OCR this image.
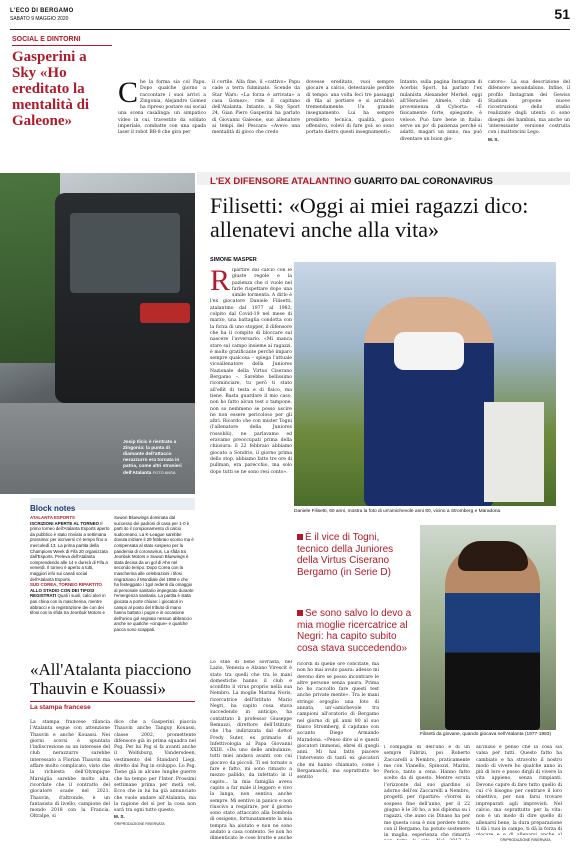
L'ECO DI BERGAMO
SABATO 9 MAGGIO 2020	51
SOCIAL E DINTORNI
Gasperini a Sky «Ho ereditato la mentalità di Galeone»
C he la forma sia col Papu. Dopo qualche giorno a raccontare i suoi arrivi a Zingonia, Alejandro Gomez ha ripreso postare sui social una scena casalinga: un simpatico video in cui, travestito da soldato imperiale, combatte con una spada laser il robot BB-8 che gira per
il cortile. Alla fine, il «cattivo» Papu cade a terra fulminato. Scende da Star Wars: «La forza è arrivata» a casa Gomez», ride il capitano dell'Atalanta. Intanto, a Sky Sport 24, Gian Piero Gasperini ha parlato di Giovanni Galeone, suo allenatore ai tempi del Pescara: «Avevo una mentalità di gioco che credo
dovesse ereditato, vuoi sempre giocare a calcio, detestavale perdite di tempo: una volta feci tre passaggi di fila al portiere e si arrabbiò tremendamente. Un grande insegnamento. Lui ha sempre prediletto tecnica, qualità, gioco offensivo, volevi di fare gol: so sono portato dietro questi insegnamenti».
Intanto, sulla pagina Instagram di Acerbis Sport, ha parlato l'ex milanista Alexander Merkel, oggi all'Heracles Almelo, club di provenienza di Cyborta: «È fisicamente forte, spiegante, è veloce. Può fare bene in Italia: serve un po' di pazienza perché si adatti, magari un anno, ma può diventare un buon gio-
catore». La sua descrizione del difensore neoandaluno. Infine, il profilo Instagram del Gewiss Stadium propone nuove ricostruzioni dello stadio realizzate dagli utenti: ci sono disegni dei bambini, ma anche un 'interessante' versione costruita con i mattoncini Lego.
M. S.
Josip Ilicic è rientrato a Zingonia: la punta di diamante dell'attacco nerazzurro era tornata in patria, come altri stranieri dell'Atalanta FOTO ANSA
Block notes
ATALANTA ESPORTS
ISCRIZIONI APERTE AL TORNEO Il primo torneo dell'Atalanta Esports aperto da pubblico è stato rinviato a settimana prossima: per iscriversi c'è tempo fino a mercoledì 13. La prima partita della Champions Week di Fifa 20 organizzata dall'Esports. Preleva dell'Atalanta comprendendo alle 14 e durerà di Fifa a venerdì. Il torneo è aperto a tutti, maggiori info sui canali social dell'Atalanta Esports.
SUD COREA, TORNEO RIPARTITO
ALLO STADIO CON DEI TIFOSI REGISTRATI Quali i suoli, calci alori in pan china con la mascherina, mentre abbracci e la registrazione dei con dei tifosi con la sfida tra Jeonbuk Motors e
Suwon Bluewings dominata dal successo dei padroni di casa per 1-0 è parti ito il compionamento di calcio sudcoreano. La K-League sarebbe dovuta iniziare il 29 febbraio scorso ma è compensata al stato sospeso per la pandemia di coronavirus. La sfida tra Jeonbuk Motors e Suwon Bluewings è stata decisa da un gol di Ahn nel secondo tempo. Dopo Corea con la mascherina alle celebrazioni i tifosi ringraziano il Mondiale del 1998 e che ha festeggiato i 1gol redenti da omaggio al personale sanitario impegnato durante l'emergenza sanitaria. La partita è stata giocata a porte chiuse: i giocatori in campo al posto del tributo di mano hanno battuto i pugni e in occasione dell'unico gol segnato nessun abbraccio anche se qualche «cinque» e qualche pacca sono scappati.
«All'Atalanta piacciono Thauvin e Kouassi»
La stampa francese
La stampa francese rilancia l'Atalanta segue con attenzione Thauvin e anche Kouassi. Nei giorni scorsi è spuntata l'indiscrezione su un interesse del club nerazzurro sarebbe interessato a Florian Thauvin ma affare molto complicato, visto che la richiesta dell'Olympique Marsiglia sarebbe molto alta, ricordate che il contratto del giocatore scade nel 2021. Thauvin, d'altronde, è un fantasista di livello, campione del mondo 2018 con la Francia. Oltralpe, si
dice che a Gasperini piaccia Thauvin anche Tanguy Kouassi, classe 2002, promettente difensore già in prima squadra nel Psg. Per lui Psg si fa avanti anche il Wolfsburg, Vandersdeen, vestimento del Standard Liegi, diretto dal Psg in sviluppo. Lo Psg. Tiene già in alcune lunghe guerre che ha tempo per l'Inter. Prossimi settimane prima per metà vel. Ecco che in lui ha già annunciato che vuole andare all'Atalanta, ma la ragione del sì per la cosa non sarà tra ogni tutto questo.
M. S.
©RIPRODUZIONE RISERVATA
L'EX DIFENSORE ATALANTINO GUARITO DAL CORONAVIRUS
Filisetti: «Oggi ai miei ragazzi dico: allenatevi anche alla vita»
SIMONE MASPER
R ipartire dal calcio con le giuste regole e la pazienza che ci vuole nel farle rispettare dopo una simile tormenta. A dirlo è l'ex giocatore Daniele Filisetti, atalantino dal 1977 al 1983, colpito dal Covid-19 nel mese di marzo, una battaglia condotta con la forza di uno stopper, il difensore che ha il compito di bloccare sul nascere l'avversario. «Mi manca stare sul campo insieme ai ragazzi, è molto gratificante perché imparo sempre qualcosa – spiega l'attuale vicoallenatore della Juniores Nazionale della Virtus Ciserano Bergamo –. Sarebbe bellissimo ricominciare, tu però ti stato all'ellit di testa e di fisico, ma tiene. Basta guardare il mio caso, non ho fatto alcun test o tampone, non so nemmeno se posso uscire ne non essere pericoloso per gli altri. Ricordo che con mister Togni (l'allenatore della Juniores rossoblù), ne parlavamo ed eravamo preoccupati prima della chiusura: il 22 febbraio abbiamo giocato a Sondrio, il giorno prima dello stop, abbiamo fatto tre ore di pullman, era parecchio, ma solo dopo tutti se ne sono resi conto».
Daniele Filisetti, 60 anni, mostra la foto di un'amichevole anni 80, vicino a Stromberg e Maradona
È il vice di Togni, tecnico della Juniores della Virtus Ciserano Bergamo (in Serie D)
Se sono salvo lo devo a mia moglie ricercatrice al Negri: ha capito subito cosa stava succedendo»
Filisetti da giovane, quando giocava nell'Atalanta (1977-1983)
Lo stile di bene sovrasta, nel Lazio, Venezia e Alzano Virescit è stato tra quelli che tra le mani domestiche hanno il club e sconfitto il virus proprio nella sua Nembro. La moglie Marina Noris, ricercatrice dell'Istituto Mario Negri, ha capito cosa stava succedendo in anticipo, ha contattato il professor Giuseppe Remuzzi, direttore dell'Istituto, che l'ha indirizzata dal dottor Fredy Suter, ex primario di Infettivologia al Papa Giovanni XXIII. «Da uno delle ambulanze, tutti miei andava avanti con cui giocavo da piccoli. Ti sei tornato a fare e fatto, mi sono rimasto a mezzo pallido, da infettato in il capito... la mia famiglia aveva capito a far male il leggero e vivo la lunga, non sentiva anche sempre. Mi sentivo in panico e non riuscivo a respirare, per il giorno sono stato attaccato alla bombola di ossigeno, fortunatamente la mia tempra ha aiutato e non ne sono andato a casa contento. Se non ho dimenticato le cose brutte e anche
ricordi di quelle ore concitate, ma non ho mai avuto paura: adesso mi devono dire se posso incontrare le altre persone senza paura. Prima ho ho raccolto fare questi test anche private mente». Tra le mani stringo orgoglio una foto di annata, un'«amichevole tra campioni all'oratorio di Bergamo nel giorno di gli anni 80 al suo fianco Stromberg, il capitano con accanto Diego Armando Maradona. «Penso dire al e questi giocatori immensi, ebrei di quegli anni. Mi hai fatto piacere l'intervento di tanti ex giocatori che mi hanno chiamato, come i Bergamaschi, ma soprattutto ho sentito
i compagni di dell'uno e di un sempre Fabrizi, poi Roberto Zaccarelli a Nembro, praticamente me con Vianello, Spinozzi, Marini, Perico, tanto a cena. Hanno fatto scelte da di questo. Mentre scruta l'orizzonte dal suo giardino si adorno dell'ex Zaccarelli a Nembro, progetti per ripartire: «Vorrei in sospeso fine dell'anno, per il 22 giugno è le 30 ho, a noi diploma su i ragazzi, che auno cis Dinaso ha per me questa cosa è non perdere tutte, con il Bergamo, ha potuto sostenere in maglia, esperienza che rimarrà
all'inizio e penso che la cosa sia valsa per tutti. Questo fatto ha cambiato e ha stravolto il nostro modo di vivere ho qualche anno in più di loro e posso dirgli di vivere la vita appieno, senza rimpianti. Devono capire di fare tutto quello di cui c'è bisogno per centrare il loro obiettivo, per non farsi trovare impreparati agli imprevisti. Nel calcio, ma soprattutto per la vita: non è un modo di dire quello di allenarsi bene, la dura preparazione ti dà i tuoi in campo, ti dà la forza di
©RIPRODUZIONE RISERVATA
